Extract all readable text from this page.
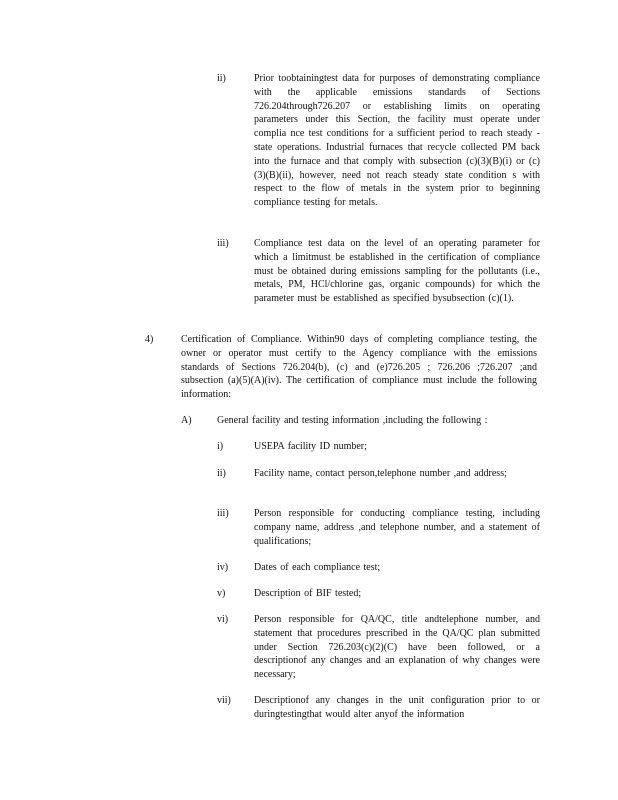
ii)	Prior toobtainingtest data for purposes of demonstrating compliance with the applicable emissions standards of Sections 726.204through726.207 or establishing limits on operating parameters under this Section, the facility must operate under complia nce test conditions for a sufficient period to reach steady -state operations. Industrial furnaces that recycle collected PM back into the furnace and that comply with subsection (c)(3)(B)(i) or (c)(3)(B)(ii), however, need not reach steady state condition s with respect to the flow of metals in the system prior to beginning compliance testing for metals.
iii)	Compliance test data on the level of an operating parameter for which a limitmust be established in the certification of compliance must be obtained during emissions sampling for the pollutants (i.e., metals, PM, HCl/chlorine gas, organic compounds) for which the parameter must be established as specified bysubsection (c)(1).
4)	Certification of Compliance. Within90 days of completing compliance testing, the owner or operator must certify to the Agency compliance with the emissions standards of Sections 726.204(b), (c) and (e)726.205 ; 726.206 ;726.207 ;and subsection (a)(5)(A)(iv). The certification of compliance must include the following information:
A)	General facility and testing information ,including the following :
i)	USEPA facility ID number;
ii)	Facility name, contact person,telephone number ,and address;
iii)	Person responsible for conducting compliance testing, including company name, address ,and telephone number, and a statement of qualifications;
iv)	Dates of each compliance test;
v)	Description of BIF tested;
vi)	Person responsible for QA/QC, title andtelephone number, and statement that procedures prescribed in the QA/QC plan submitted under Section 726.203(c)(2)(C) have been followed, or a descriptionof any changes and an explanation of why changes were necessary;
vii) Descriptionof any changes in the unit configuration prior to or duringtestingthat would alter anyof the information
